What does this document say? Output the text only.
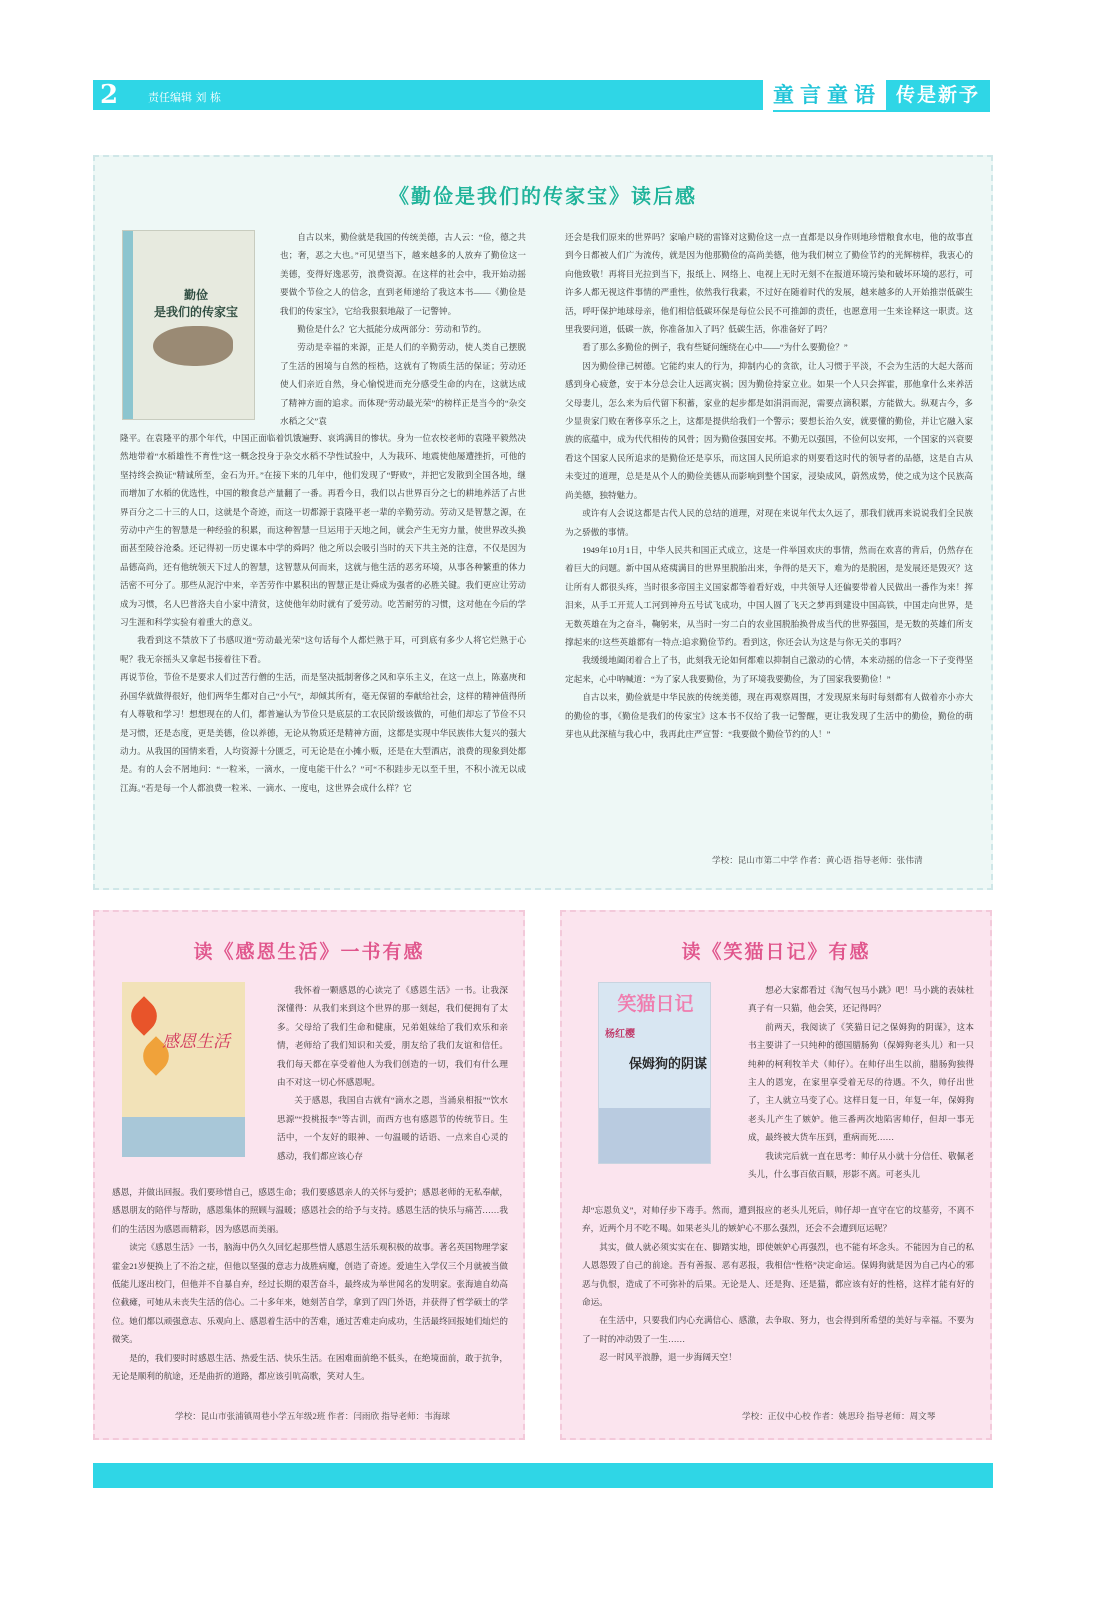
2	责任编辑 刘 栋	童言童语 传是新予
《勤俭是我们的传家宝》读后感
勤俭
是我们的传家宝

自古以来，勤俭就是我国的传统美德，古人云：“俭，德之共也；奢，恶之大也。”可见望当下，越来越多的人放弃了勤俭这一美德，变得好逸恶劳，浪费资源。在这样的社会中，我开始动摇要做个节俭之人的信念，直到老师递给了我这本书——《勤俭是我们的传家宝》，它给我狠狠地敲了一记警钟。

勤俭是什么？它大抵能分成两部分：劳动和节约。

劳动是幸福的来源，正是人们的辛勤劳动，使人类自己摆脱了生活的困境与自然的桎梏，这就有了物质生活的保证；劳动还使人们亲近自然，身心愉悦进而充分感受生命的内在，这就达成了精神方面的追求。而体现“劳动最光荣”的榜样正是当今的“杂交水稻之父”袁

隆平。在袁隆平的那个年代，中国正面临着饥饿遍野、哀鸿满目的惨状。身为一位农校老师的袁隆平毅然决然地带着“水稻雄性不育性”这一概念投身于杂交水稻不孕性试验中，人为栽环、地震使他屡遭挫折，可他的坚持终会换证“精诚所至，金石为开。”在接下来的几年中，他们发现了“野败”，并把它发散到全国各地，继而增加了水稻的优选性，中国的粮食总产量翻了一番。再看今日，我们以占世界百分之七的耕地养活了占世界百分之二十三的人口，这就是个奇迹，而这一切都源于袁隆平老一辈的辛勤劳动。劳动又是智慧之源，在劳动中产生的智慧是一种经验的积累，而这种智慧一旦运用于天地之间，就会产生无穷力量，使世界改头换面甚至陵谷沧桑。还记得初一历史课本中学的舜吗？他之所以会吸引当时的天下共主尧的注意，不仅是因为品德高尚，还有他统领天下过人的智慧，这智慧从何而来，这就与他生活的恶劣环境，从事各种繁重的体力活密不可分了。那些从泥泞中来，辛苦劳作中累积出的智慧正是让舜成为强者的必胜关键。我们更应让劳动成为习惯，名人巴普洛夫自小家中清贫，这使他年幼时就有了爱劳动。吃苦耐劳的习惯，这对他在今后的学习生涯和科学实验有着重大的意义。

我看到这不禁放下了书感叹道“劳动最光荣”这句话每个人都烂熟于耳，可到底有多少人将它烂熟于心呢？我无奈摇头又拿起书接着往下看。

再说节俭，节俭不是要求人们过苦行僧的生活，而是坚决抵制奢侈之风和享乐主义，在这一点上，陈嘉庚和孙国华就做得很好，他们两华生都对自己“小气”，却倾其所有，毫无保留的奉献给社会，这样的精神值得所有人尊敬和学习！想想现在的人们，都普遍认为节俭只是底层的工农民阶级该做的，可他们却忘了节俭不只是习惯，还是态度，更是美德，俭以养德，无论从物质还是精神方面，这都是实现中华民族伟大复兴的强大动力。从我国的国情来看，人均资源十分匮乏，可无论是在小摊小贩，还是在大型酒店，浪费的现象到处都是。有的人会不屑地问：“一粒米，一滴水，一度电能干什么？”可“不积跬步无以至千里，不积小流无以成江海。”若是每一个人都浪费一粒米、一滴水、一度电，这世界会成什么样？它

还会是我们原来的世界吗？家喻户晓的雷锋对这勤俭这一点一直都是以身作则地珍惜粮食水电，他的故事直到今日都被人们广为流传，就是因为他那勤俭的高尚美德，他为我们树立了勤俭节约的光辉榜样，我衷心的向他致敬！再将目光拉到当下，报纸上、网络上、电视上无时无刻不在报道环境污染和破坏环境的恶行，可许多人都无视这件事情的严重性，依然我行我素，不过好在随着时代的发展，越来越多的人开始推崇低碳生活，呼吁保护地球母亲，他们相信低碳环保是每位公民不可推卸的责任，也愿意用一生来诠释这一职责。这里我要问道，低碳一族，你准备加入了吗？低碳生活，你准备好了吗？

看了那么多勤俭的例子，我有些疑问缠绕在心中——“为什么要勤俭？”

因为勤俭律己树德。它能约束人的行为，抑制内心的贪欲，让人习惯于平淡，不会为生活的大起大落而感到身心疲惫，安于本分总会让人远离灾祸；因为勤俭持家立业。如果一个人只会挥霍，那他拿什么来养活父母妻儿，怎么来为后代留下积蓄，家业的起步都是如涓涓而泥，需要点滴积累，方能做大。纵观古今，多少显贵家门败在奢侈享乐之上，这都是提供给我们一个警示；要想长治久安，就要懂的勤俭，并让它融入家族的底蕴中，成为代代相传的风骨；因为勤俭强国安邦。不勤无以强国，不俭何以安邦，一个国家的兴衰要看这个国家人民所追求的是勤俭还是享乐，而这国人民所追求的则要看这时代的领导者的品德，这是自古从未变过的道理，总是是从个人的勤俭美德从而影响到整个国家，浸染成风，蔚然成势，使之成为这个民族高尚美德，独特魅力。

或许有人会说这都是古代人民的总结的道理，对现在来说年代太久远了，那我们就再来说说我们全民族为之骄傲的事情。

1949年10月1日，中华人民共和国正式成立，这是一件举国欢庆的事情，然而在欢喜的背后，仍然存在着巨大的问题。新中国从疮痍满目的世界里脱胎出来，争得的是天下，难为的是脱困，是发展还是毁灭？这让所有人都很头疼，当时很多帝国主义国家都等着看好戏，中共领导人还偏要带着人民做出一番作为来！挥泪来，从手工开荒人工河到神舟五号试飞成功，中国人圆了飞天之梦再到建设中国高铁，中国走向世界，是无数英雄在为之奋斗，鞠躬来，从当时一穷二白的农业国脱胎换骨成当代的世界强国，是无数的英雄们所支撑起来的!这些英雄都有一特点:追求勤俭节约。看到这，你还会认为这是与你无关的事吗？

我缓缓地阖闭着合上了书，此刻我无论如何都难以抑制自己激动的心情，本来动摇的信念一下子变得坚定起来，心中呐喊道：“为了家人我要勤俭，为了环境我要勤俭，为了国家我要勤俭！”

自古以来，勤俭就是中华民族的传统美德，现在再观察周围，才发现原来每时每刻都有人做着亦小亦大的勤俭的事，《勤俭是我们的传家宝》这本书不仅给了我一记警醒，更让我发现了生活中的勤俭，勤俭的萌芽也从此深植与我心中，我再此庄严宣誓：“我要做个勤俭节约的人！”

学校：昆山市第二中学 作者：黄心语 指导老师：张伟清
读《感恩生活》一书有感
感恩生活

我怀着一颗感恩的心读完了《感恩生活》一书。让我深深懂得：从我们来到这个世界的那一刻起，我们便拥有了太多。父母给了我们生命和健康，兄弟姐妹给了我们欢乐和亲情，老师给了我们知识和关爱，朋友给了我们友谊和信任。我们每天都在享受着他人为我们创造的一切，我们有什么理由不对这一切心怀感恩呢。

关于感恩，我国自古就有“滴水之恩，当涌泉相报”“饮水思源”“投桃报李”等古训，而西方也有感恩节的传统节日。生活中，一个友好的眼神、一句温暖的话语、一点来自心灵的感动，我们都应该心存

感恩，并做出回报。我们要珍惜自己，感恩生命；我们要感恩亲人的关怀与爱护；感恩老师的无私奉献，感恩朋友的陪伴与帮助，感恩集体的照顾与温暖；感恩社会的给予与支持。感恩生活的快乐与痛苦……我们的生活因为感恩而精彩，因为感恩而美丽。

读完《感恩生活》一书，脑海中仍久久回忆起那些惜人感恩生活乐观积极的故事。著名英国物理学家霍金21岁便换上了不治之症，但他以坚强的意志力战胜病魔，创造了奇迹。爱迪生入学仅三个月就被当做低能儿逐出校门，但他并不自暴自弃，经过长期的艰苦奋斗，最终成为举世闻名的发明家。张海迪自幼高位截瘫，可她从未丧失生活的信心。二十多年来，她刻苦自学，拿到了四门外语，并获得了哲学硕士的学位。她们都以顽强意志、乐观向上、感恩着生活中的苦难，通过苦难走向成功，生活最终回报她们灿烂的微笑。

是的，我们要时时感恩生活、热爱生活、快乐生活。在困难面前绝不低头，在绝境面前，敢于抗争，无论是顺利的航途，还是曲折的道路，都应该引吭高歌，笑对人生。

学校：昆山市张浦镇周巷小学五年级2班 作者：闫雨欣 指导老师：韦海球
读《笑猫日记》有感
笑猫日记
杨红樱
保姆狗的阴谋

想必大家都看过《淘气包马小跳》吧！马小跳的表妹杜真子有一只猫，他会笑，还记得吗？

前两天，我阅读了《笑猫日记之保姆狗的阴谋》，这本书主要讲了一只纯种的德国腊肠狗（保姆狗老头儿）和一只纯种的柯利牧羊犬（帅仔）。在帅仔出生以前，腊肠狗独得主人的恩宠，在家里享受着无尽的待遇。不久，帅仔出世了，主人就立马变了心。这样日复一日，年复一年，保姆狗老头儿产生了嫉妒。他三番两次地陷害帅仔，但却一事无成，最终被大货车压到，重病而死……

我读完后就一直在思考：帅仔从小就十分信任、敬佩老头儿，什么事百依百顺，形影不离。可老头儿

却“忘恩负义”，对帅仔步下毒手。然而，遭到报应的老头儿死后，帅仔却一直守在它的坟墓旁，不离不弃，近两个月不吃不喝。如果老头儿的嫉妒心不那么强烈，还会不会遭到厄运呢？

其实，做人就必须实实在在、脚踏实地，即使嫉妒心再强烈，也不能有坏念头。不能因为自己的私人恩怨毁了自己的前途。吾有善报、恶有恶报，我相信“性格”决定命运。保姆狗就是因为自己内心的邪恶与仇恨，造成了不可弥补的后果。无论是人、还是狗、还是猫，都应该有好的性格，这样才能有好的命运。

在生活中，只要我们内心充满信心、感激，去争取、努力，也会得到所希望的美好与幸福。不要为了一时的冲动毁了一生……

忍一时风平浪静，退一步海阔天空！

学校：正仪中心校 作者：姚思玲 指导老师：周文琴
